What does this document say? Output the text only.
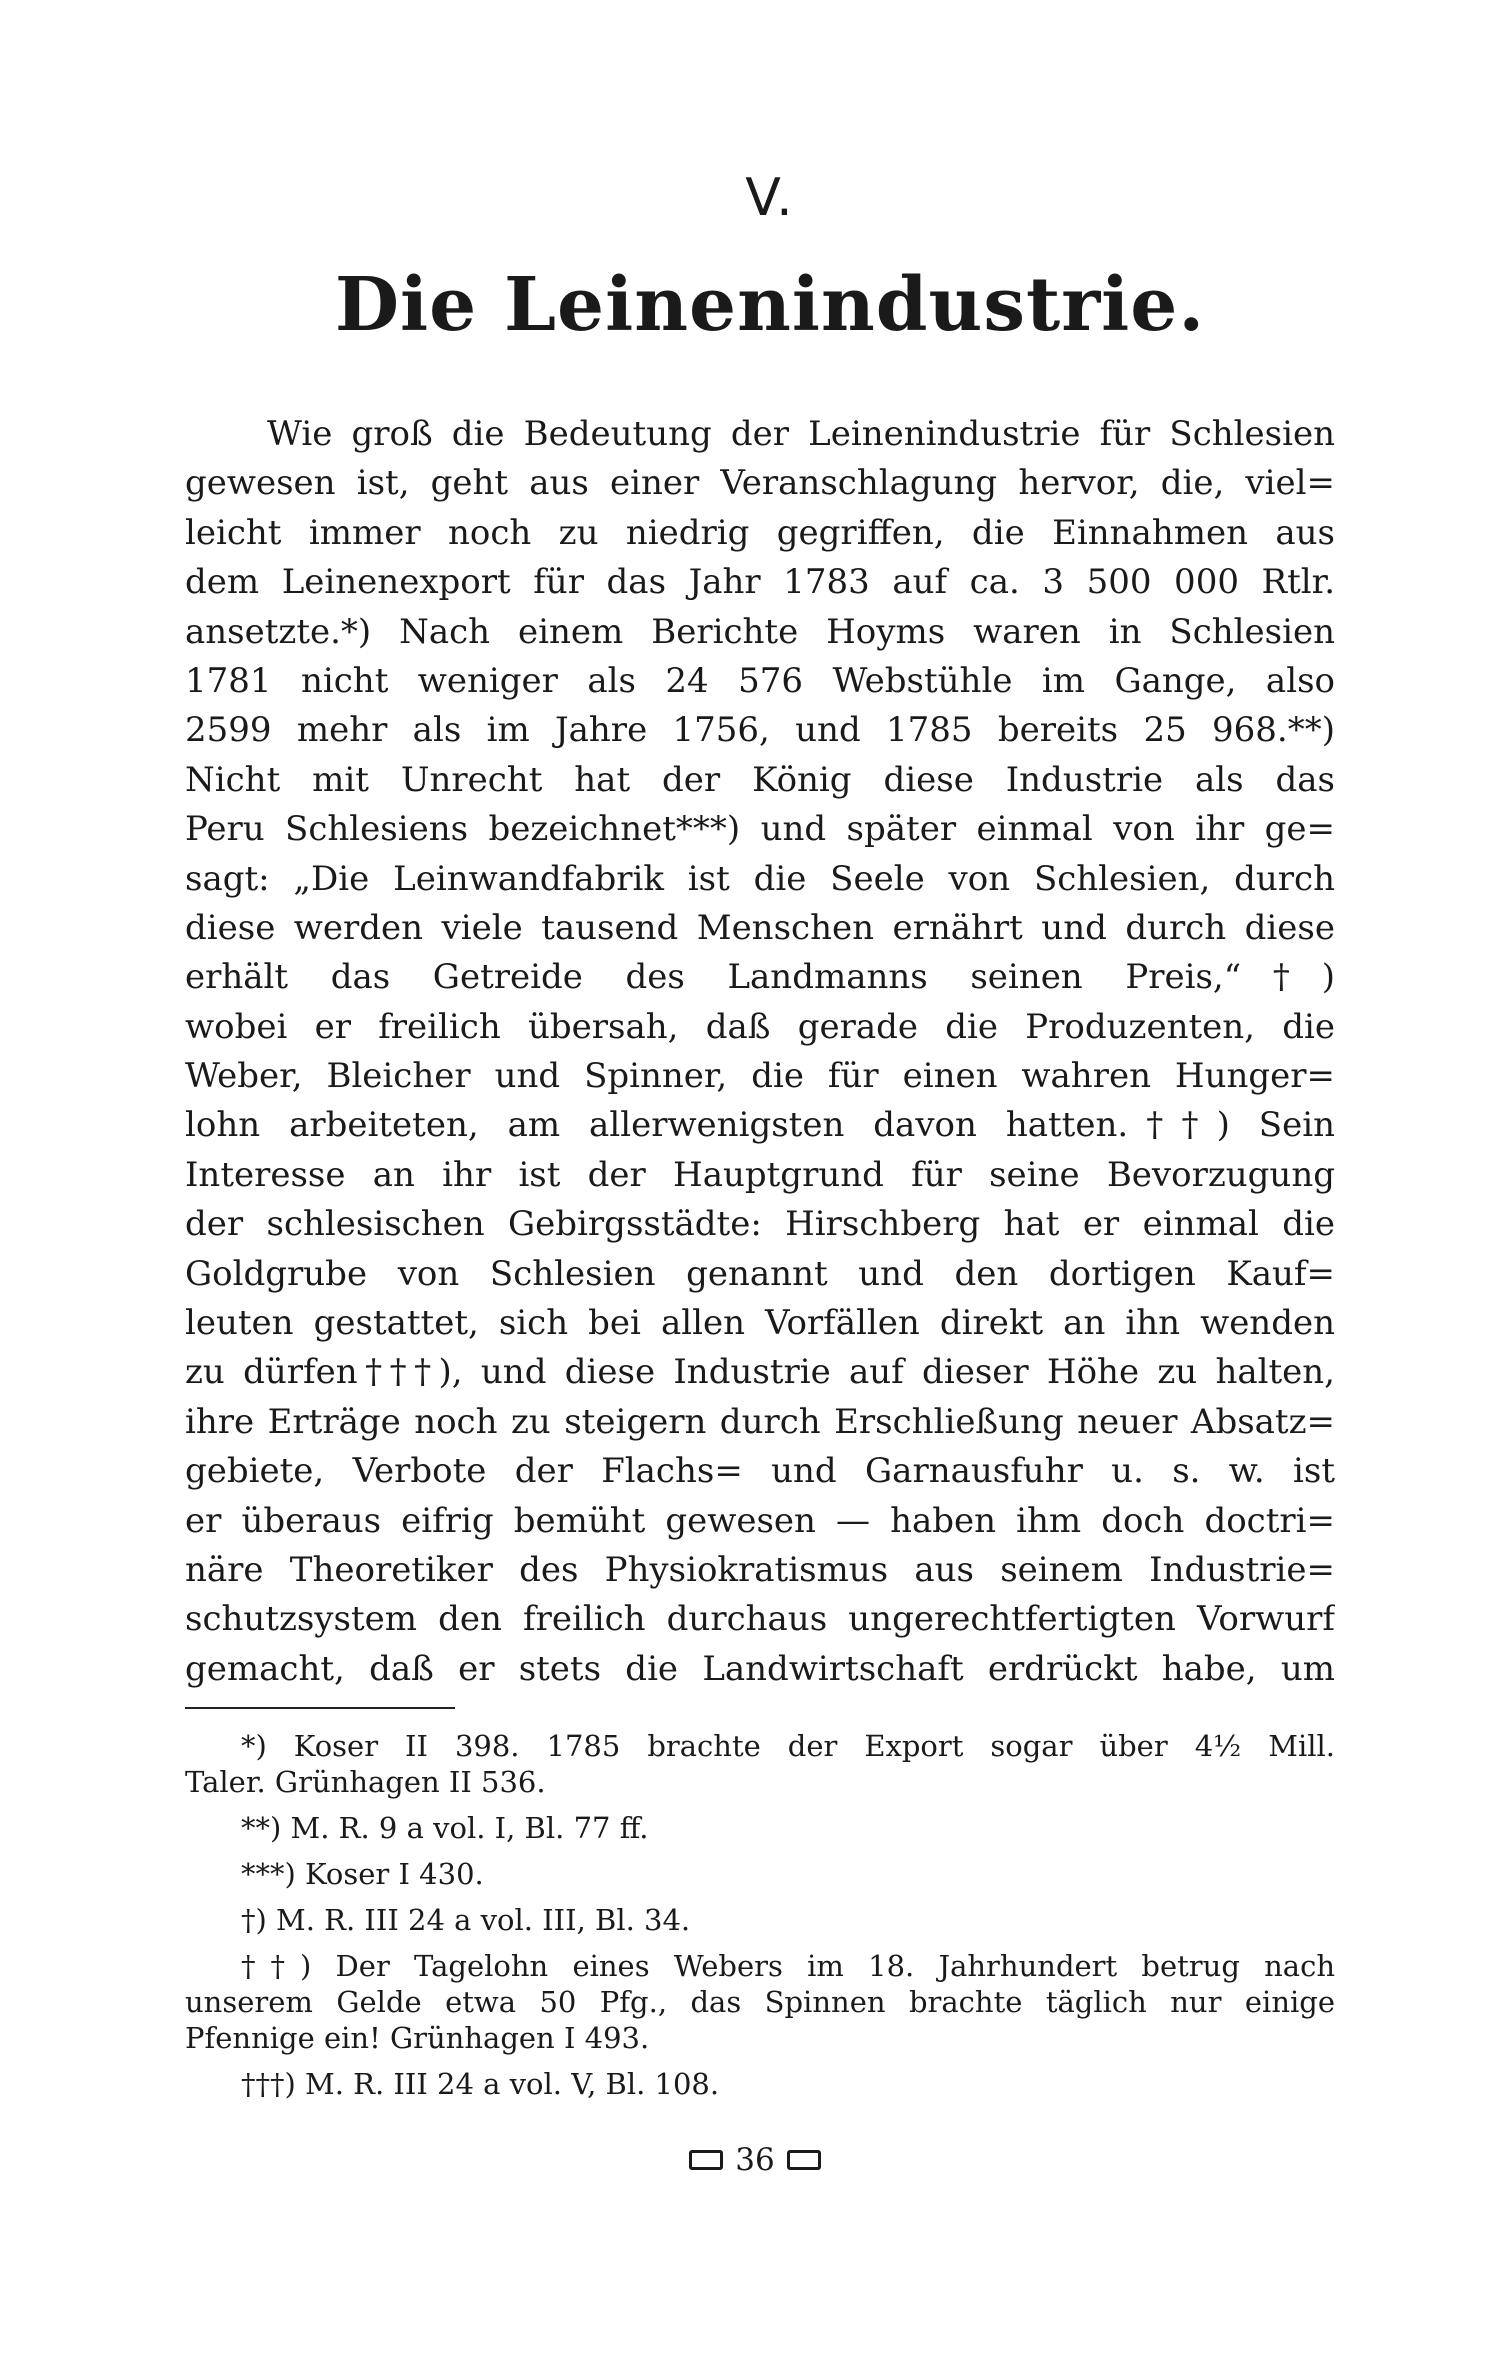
V.
Die Leinenindustrie.
Wie groß die Bedeutung der Leinenindustrie für Schlesien
gewesen ist, geht aus einer Veranschlagung hervor, die, viel=
leicht immer noch zu niedrig gegriffen, die Einnahmen aus
dem Leinenexport für das Jahr 1783 auf ca. 3 500 000 Rtlr.
ansetzte.*) Nach einem Berichte Hoyms waren in Schlesien
1781 nicht weniger als 24 576 Webstühle im Gange, also
2599 mehr als im Jahre 1756, und 1785 bereits 25 968.**)
Nicht mit Unrecht hat der König diese Industrie als das
Peru Schlesiens bezeichnet***) und später einmal von ihr ge=
sagt: „Die Leinwandfabrik ist die Seele von Schlesien, durch
diese werden viele tausend Menschen ernährt und durch diese
erhält das Getreide des Landmanns seinen Preis,“†)
wobei er freilich übersah, daß gerade die Produzenten, die
Weber, Bleicher und Spinner, die für einen wahren Hunger=
lohn arbeiteten, am allerwenigsten davon hatten.††) Sein
Interesse an ihr ist der Hauptgrund für seine Bevorzugung
der schlesischen Gebirgsstädte: Hirschberg hat er einmal die
Goldgrube von Schlesien genannt und den dortigen Kauf=
leuten gestattet, sich bei allen Vorfällen direkt an ihn wenden
zu dürfen†††), und diese Industrie auf dieser Höhe zu halten,
ihre Erträge noch zu steigern durch Erschließung neuer Absatz=
gebiete, Verbote der Flachs= und Garnausfuhr u. s. w. ist
er überaus eifrig bemüht gewesen — haben ihm doch doctri=
näre Theoretiker des Physiokratismus aus seinem Industrie=
schutzsystem den freilich durchaus ungerechtfertigten Vorwurf
gemacht, daß er stets die Landwirtschaft erdrückt habe, um
*) Koser II 398. 1785 brachte der Export sogar über 4½ Mill.
Taler. Grünhagen II 536.
**) M. R. 9 a vol. I, Bl. 77 ff.
***) Koser I 430.
†) M. R. III 24 a vol. III, Bl. 34.
††) Der Tagelohn eines Webers im 18. Jahrhundert betrug nach
unserem Gelde etwa 50 Pfg., das Spinnen brachte täglich nur einige
Pfennige ein! Grünhagen I 493.
†††) M. R. III 24 a vol. V, Bl. 108.
36
